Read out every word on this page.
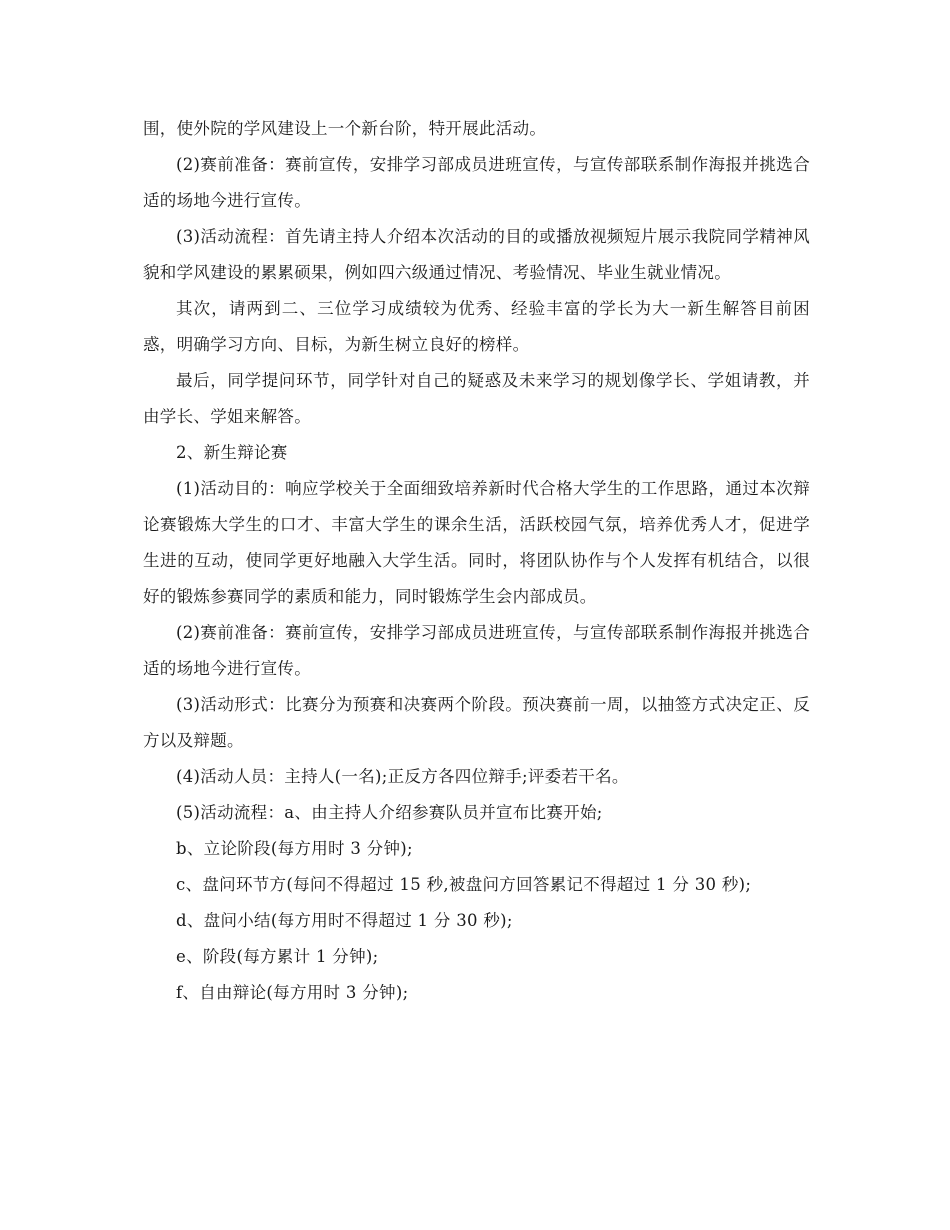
围，使外院的学风建设上一个新台阶，特开展此活动。

(2)赛前准备：赛前宣传，安排学习部成员进班宣传，与宣传部联系制作海报并挑选合适的场地今进行宣传。

(3)活动流程：首先请主持人介绍本次活动的目的或播放视频短片展示我院同学精神风貌和学风建设的累累硕果，例如四六级通过情况、考验情况、毕业生就业情况。

其次，请两到二、三位学习成绩较为优秀、经验丰富的学长为大一新生解答目前困惑，明确学习方向、目标，为新生树立良好的榜样。

最后，同学提问环节，同学针对自己的疑惑及未来学习的规划像学长、学姐请教，并由学长、学姐来解答。

2、新生辩论赛

(1)活动目的：响应学校关于全面细致培养新时代合格大学生的工作思路，通过本次辩论赛锻炼大学生的口才、丰富大学生的课余生活，活跃校园气氛，培养优秀人才，促进学生进的互动，使同学更好地融入大学生活。同时，将团队协作与个人发挥有机结合，以很好的锻炼参赛同学的素质和能力，同时锻炼学生会内部成员。

(2)赛前准备：赛前宣传，安排学习部成员进班宣传，与宣传部联系制作海报并挑选合适的场地今进行宣传。

(3)活动形式：比赛分为预赛和决赛两个阶段。预决赛前一周，以抽签方式决定正、反方以及辩题。

(4)活动人员：主持人(一名);正反方各四位辩手;评委若干名。

(5)活动流程：a、由主持人介绍参赛队员并宣布比赛开始;

b、立论阶段(每方用时 3 分钟);

c、盘问环节方(每问不得超过 15 秒,被盘问方回答累记不得超过 1 分 30 秒);

d、盘问小结(每方用时不得超过 1 分 30 秒);

e、阶段(每方累计 1 分钟);

f、自由辩论(每方用时 3 分钟);
